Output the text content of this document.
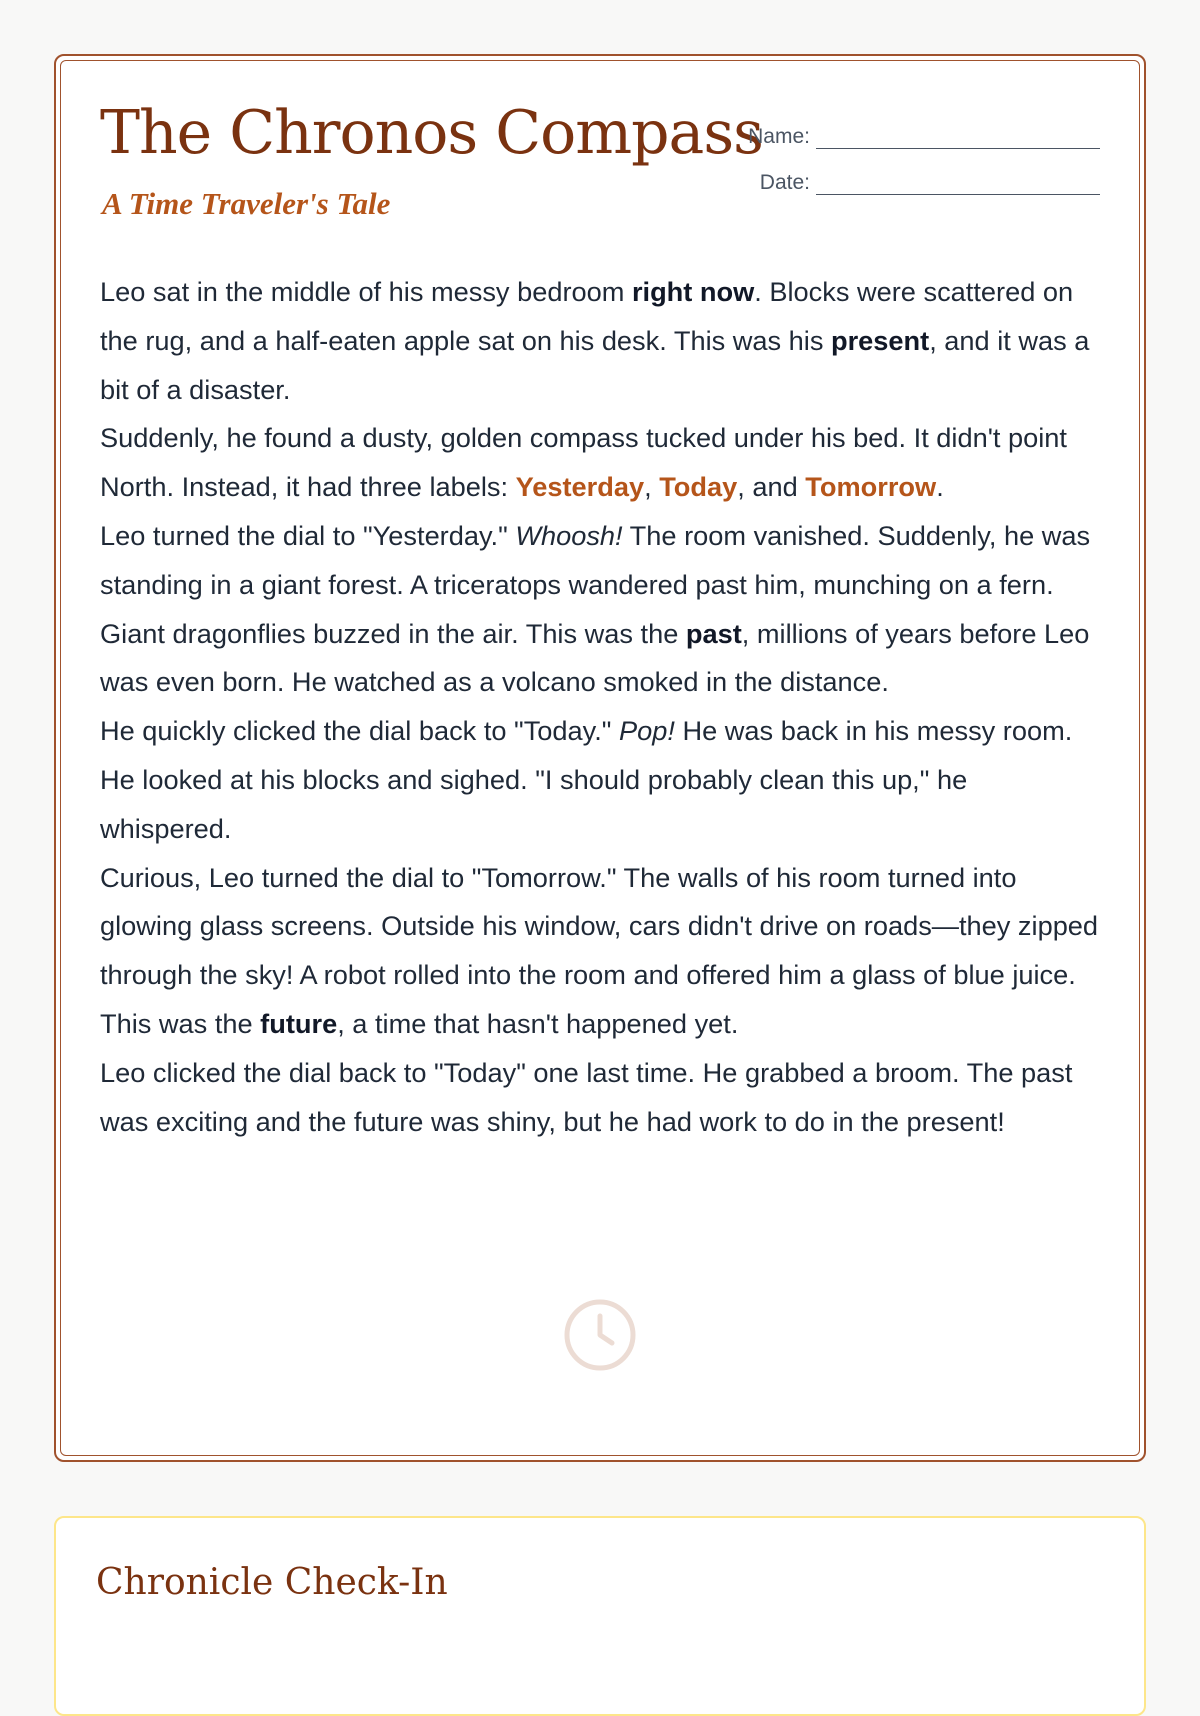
The Chronos Compass
A Time Traveler's Tale
Name:
Date:

Leo sat in the middle of his messy bedroom right now. Blocks were scattered on the rug, and a half-eaten apple sat on his desk. This was his present, and it was a bit of a disaster.

Suddenly, he found a dusty, golden compass tucked under his bed. It didn't point North. Instead, it had three labels: Yesterday, Today, and Tomorrow.

Leo turned the dial to "Yesterday." Whoosh! The room vanished. Suddenly, he was standing in a giant forest. A triceratops wandered past him, munching on a fern. Giant dragonflies buzzed in the air. This was the past, millions of years before Leo was even born. He watched as a volcano smoked in the distance.

He quickly clicked the dial back to "Today." Pop! He was back in his messy room. He looked at his blocks and sighed. "I should probably clean this up," he whispered.

Curious, Leo turned the dial to "Tomorrow." The walls of his room turned into glowing glass screens. Outside his window, cars didn't drive on roads—they zipped through the sky! A robot rolled into the room and offered him a glass of blue juice. This was the future, a time that hasn't happened yet.

Leo clicked the dial back to "Today" one last time. He grabbed a broom. The past was exciting and the future was shiny, but he had work to do in the present!

Chronicle Check-In
